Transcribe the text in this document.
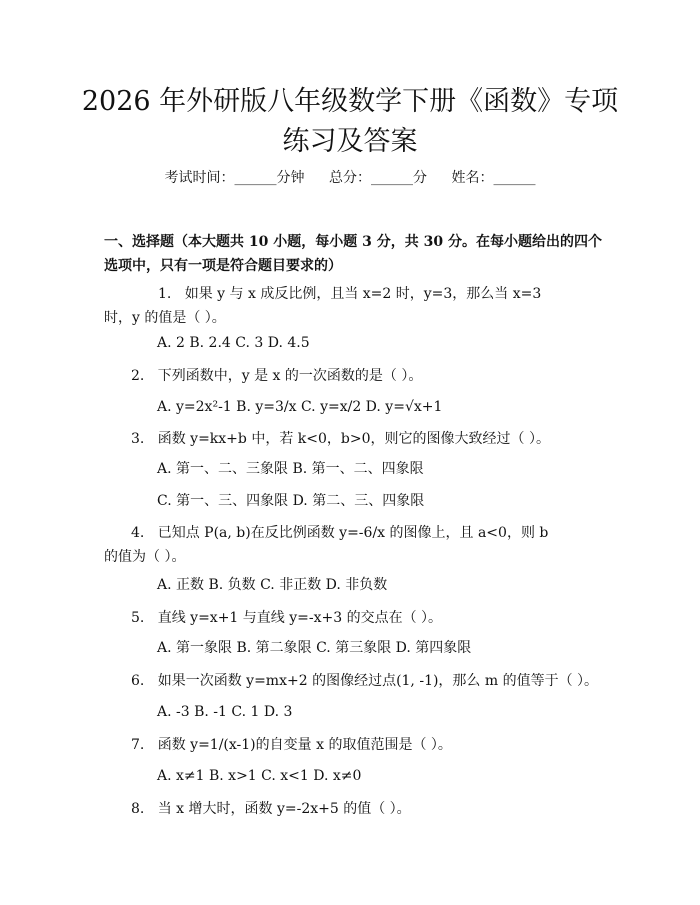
2026 年外研版八年级数学下册《函数》专项
练习及答案
考试时间：______分钟 总分：______分 姓名：______
一、选择题（本大题共 10 小题，每小题 3 分，共 30 分。在每小题给出的四个选项中，只有一项是符合题目要求的）
1. 如果 y 与 x 成反比例，且当 x=2 时，y=3，那么当 x=3 时，y 的值是（ ）。
A. 2 B. 2.4 C. 3 D. 4.5
2. 下列函数中，y 是 x 的一次函数的是（ ）。
A. y=2x²-1 B. y=3/x C. y=x/2 D. y=√x+1
3. 函数 y=kx+b 中，若 k<0，b>0，则它的图像大致经过（ ）。
A. 第一、二、三象限 B. 第一、二、四象限
C. 第一、三、四象限 D. 第二、三、四象限
4. 已知点 P(a, b)在反比例函数 y=-6/x 的图像上，且 a<0，则 b 的值为（ ）。
A. 正数 B. 负数 C. 非正数 D. 非负数
5. 直线 y=x+1 与直线 y=-x+3 的交点在（ ）。
A. 第一象限 B. 第二象限 C. 第三象限 D. 第四象限
6. 如果一次函数 y=mx+2 的图像经过点(1, -1)，那么 m 的值等于（ ）。
A. -3 B. -1 C. 1 D. 3
7. 函数 y=1/(x-1)的自变量 x 的取值范围是（ ）。
A. x≠1 B. x>1 C. x<1 D. x≠0
8. 当 x 增大时，函数 y=-2x+5 的值（ ）。
